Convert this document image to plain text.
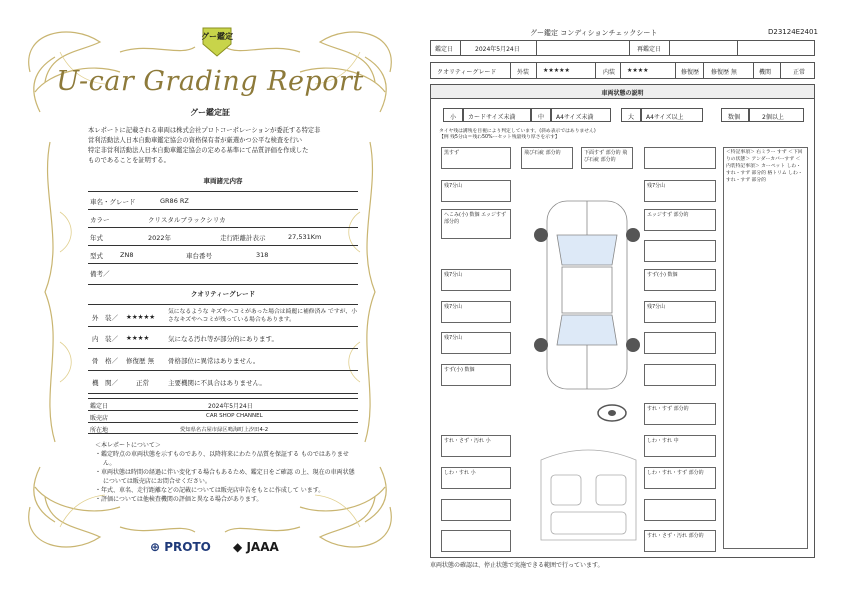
グー鑑定
U-car Grading Report
グー鑑定証
本レポートに記載される車両は株式会社プロトコーポレーションが委託する特定非
営利活動法人日本自動車鑑定協会の資格保有者が厳選かつ公平な検査を行い
特定非営利活動法人日本自動車鑑定協会の定める基準にて品質評価を作成した
ものであることを証明する。
車両諸元内容
車名・グレード	GR86 RZ
カラー	クリスタルブラックシリカ
年式	2022年	走行距離計表示	27,531Km
型式	ZN8	車台番号	318
備考／
クオリティーグレード
外　装／ ★★★★★
気になるような キズやヘコミがあった場合は綺麗に補修済み ですが、小さなキズやヘコミが残っている場合もあります。
内　装／ ★★★★	気になる汚れ等が部分的にあります。
骨　格／ 修復歴 無 骨格部位に異常はありません。
機　関／	正常	主要機関に不具合はありません。
鑑定日	2024年5月24日
販売店	CAR SHOP CHANNEL
所在地	愛知県名古屋市緑区鳴海町上汐田4-2
＜本レポートについて＞
・鑑定時点の車両状態を示すものであり、以降将来にわたり品質を保証する ものではありません。
・車両状態は時間の経過に伴い変化する場合もあるため、鑑定日をご確認 の上、現在の車両状態については販売店にお問合せください。
・年式、車名、走行距離などの記載については販売店申告をもとに作成して います。
・評価については他検査機関の評価と異なる場合があります。
⊕ PROTO ◆ JAAA
グー鑑定 コンディションチェックシート	D23124E2401
鑑定日	2024年5月24日	再鑑定日
クオリティーグレード	外装 ★★★★★	内装 ★★★★	修復歴 修復歴 無	機関	正常
車両状態の説明
小 カードサイズ未満	中 A4サイズ未満	大 A4サイズ以上	数個	2個以上
タイヤ残は溝残を目視により判定しています。(斜め表示ではありません)
【例 残5分山＝残わ50%ーセット残量残り厚さを示す】
黒すず
残7分山
へこみ(小) 数個 エッジすず 部分的
残7分山
残7分山
残7分山
すず(小) 数個
すれ・さず・汚れ 小
しわ・すれ 小
飛び石疵 部分的	下面すず 部分的 飛び石疵 部分的
残7分山
エッジすず 部分的
すず(小) 数個
残7分山
すれ・すず 部分的
しわ・すれ 中
しわ・すれ・すず 部分的
すれ・さず・汚れ 部分的
＜特記事項＞ 右ミラー すず ＜下回りの状態＞ アンダーカバーすず ＜内装特記事項＞ カーペット しわ・すれ・すず 部分的 格トリム しわ・すれ・すず 部分的
車両状態の確認は、停止状態で実施できる範囲で行っています。
